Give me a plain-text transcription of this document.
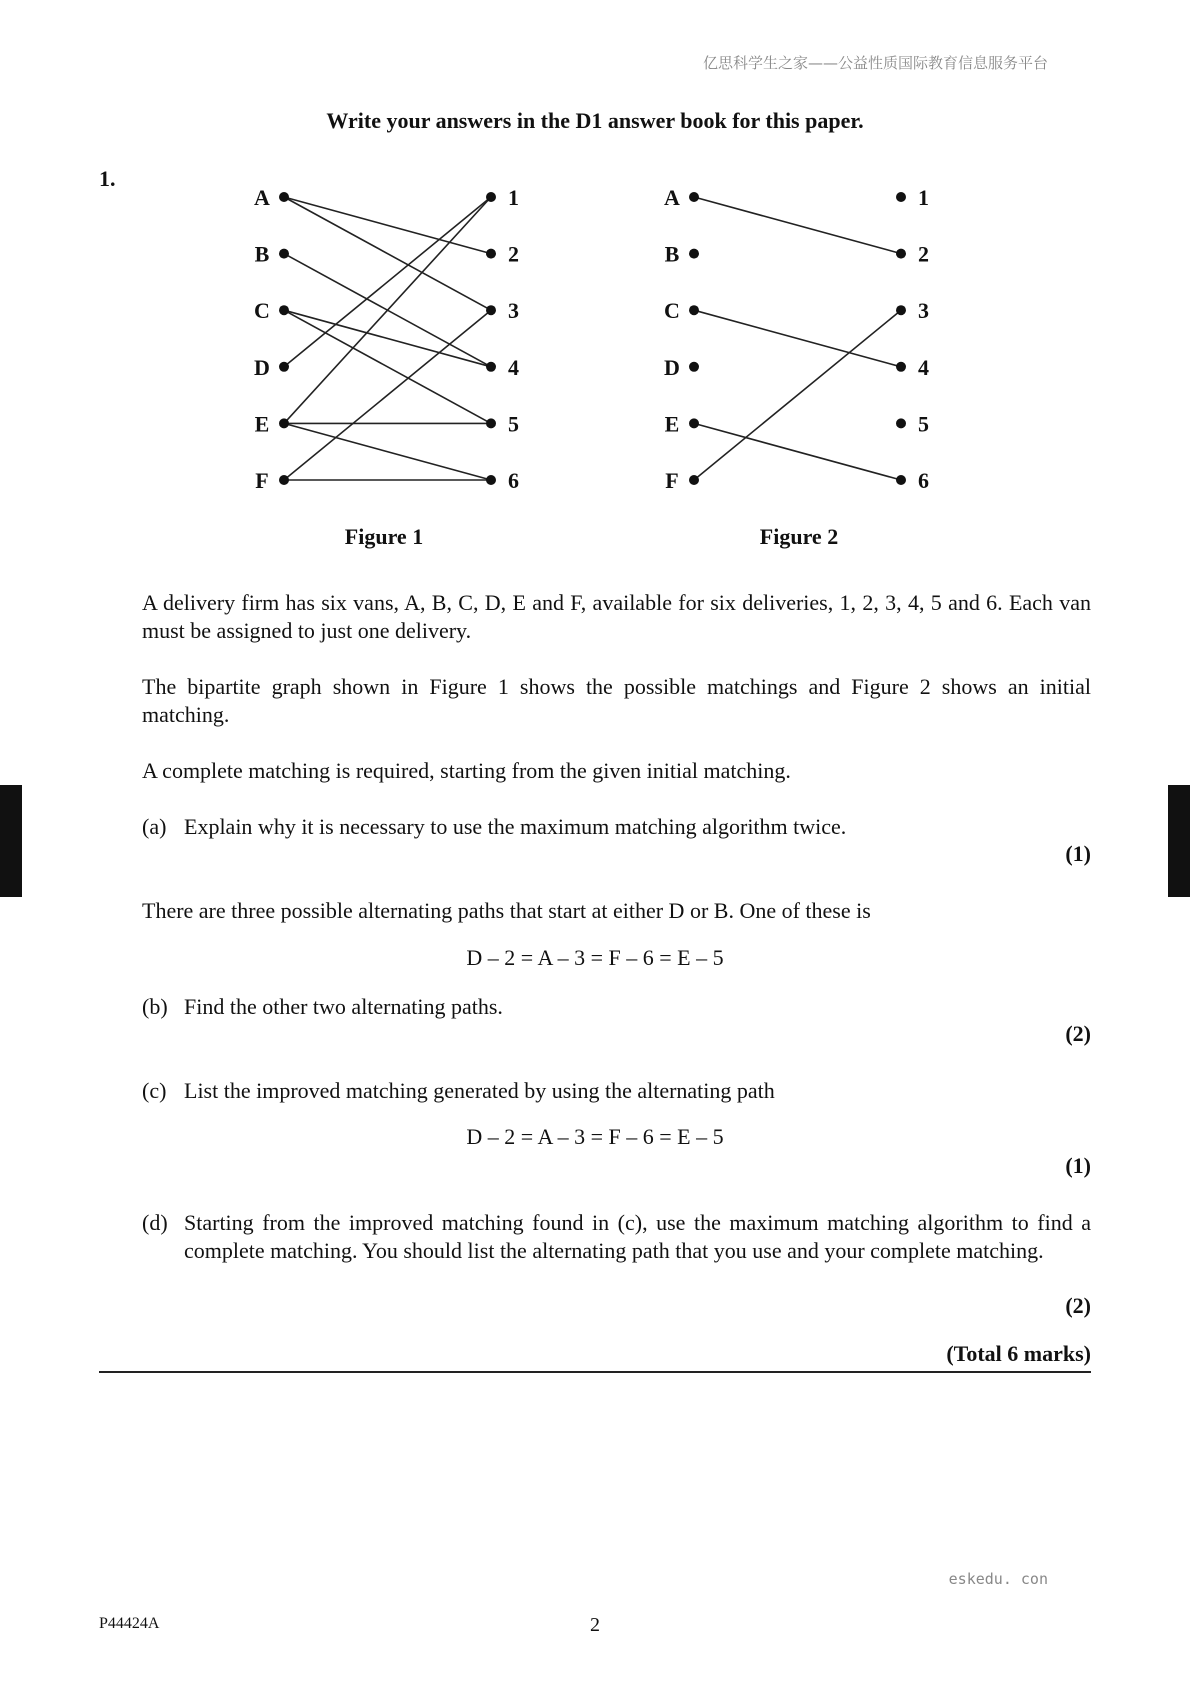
亿思科学生之家——公益性质国际教育信息服务平台
Write your answers in the D1 answer book for this paper.
1.
A
B
C
D
E
F
1
2
3
4
5
6
A
B
C
D
E
F
1
2
3
4
5
6
Figure 1	Figure 2
A delivery firm has six vans, A, B, C, D, E and F, available for six deliveries, 1, 2, 3, 4, 5 and 6. Each van must be assigned to just one delivery.
The bipartite graph shown in Figure 1 shows the possible matchings and Figure 2 shows an initial matching.
A complete matching is required, starting from the given initial matching.
(a) Explain why it is necessary to use the maximum matching algorithm twice.
(1)
There are three possible alternating paths that start at either D or B. One of these is
D – 2 = A – 3 = F – 6 = E – 5
(b) Find the other two alternating paths.
(2)
(c) List the improved matching generated by using the alternating path
D – 2 = A – 3 = F – 6 = E – 5
(1)
(d) Starting from the improved matching found in (c), use the maximum matching algorithm to find a complete matching. You should list the alternating path that you use and your complete matching.
(2)
(Total 6 marks)
eskedu. con
P44424A	2
